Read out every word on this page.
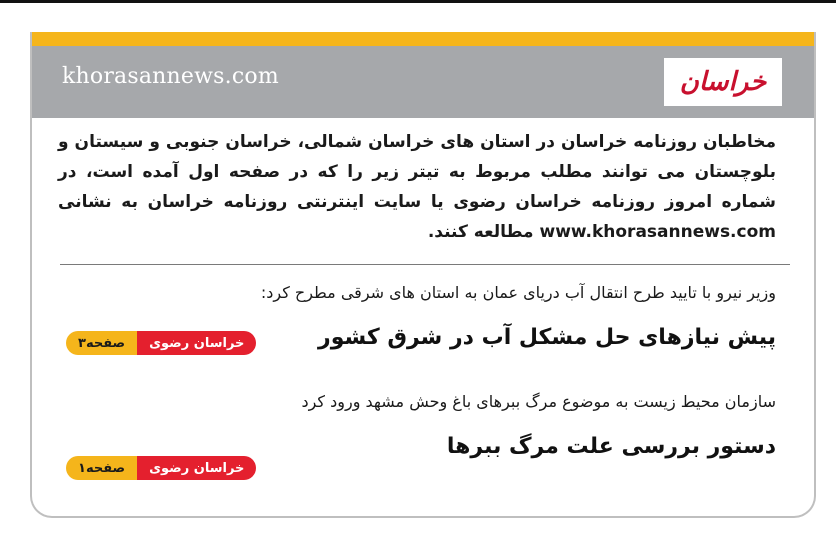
khorasannews.com	خراسان
مخاطبان روزنامه خراسان در استان های خراسان شمالی، خراسان جنوبی و سیستان و بلوچستان می توانند مطلب مربوط به تیتر زیر را که در صفحه اول آمده است، در شماره امروز روزنامه خراسان رضوی یا سایت اینترنتی روزنامه خراسان به نشانی www.khorasannews.com مطالعه کنند.
وزیر نیرو با تایید طرح انتقال آب دریای عمان به استان های شرقی مطرح کرد:
پیش نیازهای حل مشکل آب در شرق کشور
صفحه۳	خراسان رضوی
سازمان محیط زیست به موضوع مرگ ببرهای باغ وحش مشهد ورود کرد
دستور بررسی علت مرگ ببرها
صفحه۱	خراسان رضوی
